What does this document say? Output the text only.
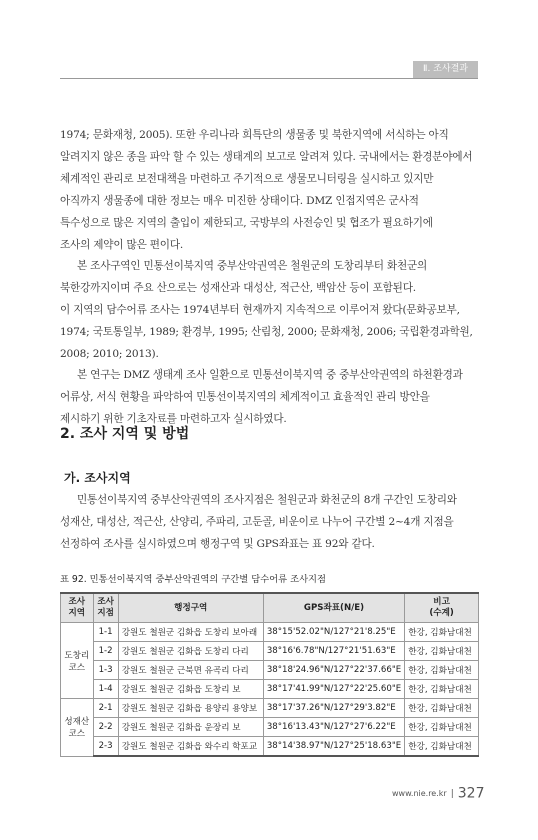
Ⅱ. 조사결과
1974; 문화재청, 2005). 또한 우리나라 희특단의 생물종 및 북한지역에 서식하는 아직
알려지지 않은 종을 파악 할 수 있는 생태계의 보고로 알려져 있다. 국내에서는 환경분야에서
체계적인 관리로 보전대책을 마련하고 주기적으로 생물모니터링을 실시하고 있지만
아직까지 생물종에 대한 정보는 매우 미진한 상태이다. DMZ 인접지역은 군사적
특수성으로 많은 지역의 출입이 제한되고, 국방부의 사전승인 및 협조가 필요하기에
조사의 제약이 많은 편이다.
본 조사구역인 민통선이북지역 중부산악권역은 철원군의 도창리부터 화천군의
북한강까지이며 주요 산으로는 성재산과 대성산, 적근산, 백암산 등이 포함된다.
이 지역의 담수어류 조사는 1974년부터 현재까지 지속적으로 이루어져 왔다(문화공보부,
1974; 국토통일부, 1989; 환경부, 1995; 산림청, 2000; 문화재청, 2006; 국립환경과학원,
2008; 2010; 2013).
본 연구는 DMZ 생태계 조사 일환으로 민통선이북지역 중 중부산악권역의 하천환경과
어류상, 서식 현황을 파악하여 민통선이북지역의 체계적이고 효율적인 관리 방안을
제시하기 위한 기초자료를 마련하고자 실시하였다.
2. 조사 지역 및 방법
가. 조사지역
민통선이북지역 중부산악권역의 조사지점은 철원군과 화천군의 8개 구간인 도창리와
성재산, 대성산, 적근산, 산양리, 주파리, 고둔골, 비운이로 나누어 구간별 2~4개 지점을
선정하여 조사를 실시하였으며 행정구역 및 GPS좌표는 표 92와 같다.
표 92. 민통선이북지역 중부산악권역의 구간별 담수어류 조사지점
조사
지역	조사
지점	행정구역	GPS좌표(N/E)	비고
(수계)
도창리
코스	1-1	강원도 철원군 김화읍 도창리 보아래	38°15'52.02"N/127°21'8.25"E	한강, 김화남대천
	1-2	강원도 철원군 김화읍 도창리 다리	38°16'6.78"N/127°21'51.63"E	한강, 김화남대천
	1-3	강원도 철원군 근북면 유곡리 다리	38°18'24.96"N/127°22'37.66"E	한강, 김화남대천
	1-4	강원도 철원군 김화읍 도창리 보	38°17'41.99"N/127°22'25.60"E	한강, 김화남대천
성재산
코스	2-1	강원도 철원군 김화읍 용양리 용양보	38°17'37.26"N/127°29'3.82"E	한강, 김화남대천
	2-2	강원도 철원군 김화읍 운장리 보	38°16'13.43"N/127°27'6.22"E	한강, 김화남대천
	2-3	강원도 철원군 김화읍 와수리 학포교	38°14'38.97"N/127°25'18.63"E	한강, 김화남대천
www.nie.re.kr | 327
